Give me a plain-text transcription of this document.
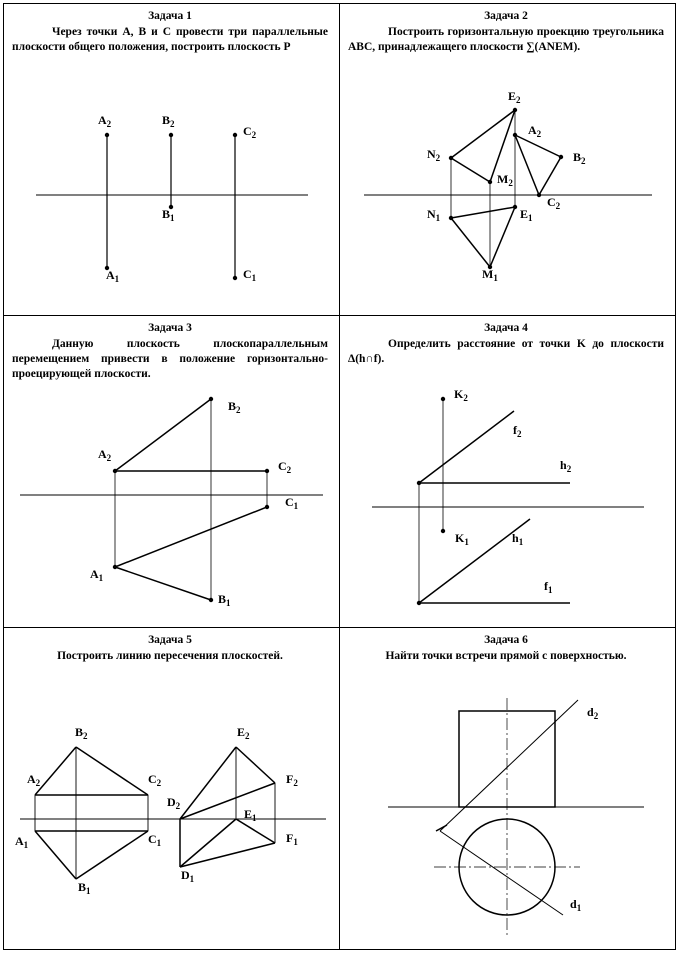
$A_2$	$B_2$	$C_2$
$B_1$
$A_1$	$C_1$
$E_2$
$A_2$
$N_2$	$B_2$
$M_2$
$C_2$
$N_1$	$E_1$
$M_1$
$B_2$
$A_2$
$C_2$
$C_1$
$A_1$
$B_1$
$K_2$
$f_2$
$h_2$
$K_1$	$h_1$
$f_1$
$B_2$
$A_2$	$C_2$
$A_1$	$C_1$
$B_1$
$E_2$
$F_2$
$D_2$
$E_1$
$F_1$
$D_1$
$d_2$
$d_1$
Задача 1
Через точки A, B и C провести три параллельные плоскости общего положения, построить плоскость P
Задача 2
Построить горизонтальную проекцию треугольника ABC, принадлежащего плоскости ∑(ANEM).
Задача 3
Данную плоскость плоскопараллельным перемещением привести в положение горизонтально-проецирующей плоскости.
Задача 4
Определить расстояние от точки K до плоскости Δ(h∩f).
Задача 5
Построить линию пересечения плоскостей.
Задача 6
Найти точки встречи прямой с поверхностью.
